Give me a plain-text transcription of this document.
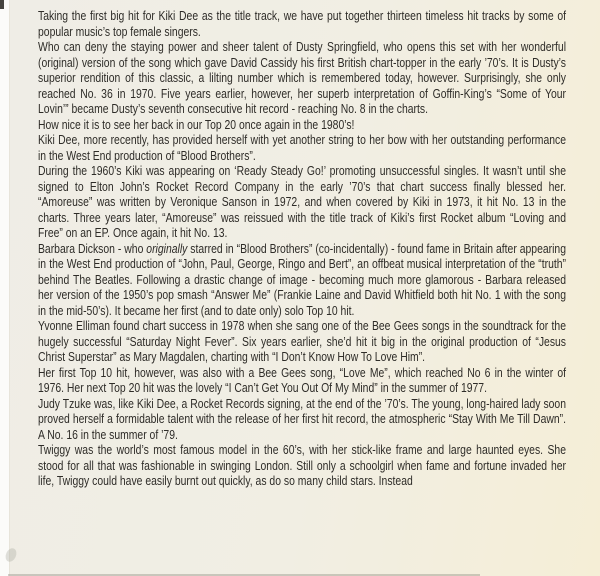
Taking the first big hit for Kiki Dee as the title track, we have put together thirteen timeless hit tracks by some of popular music’s top female singers.

Who can deny the staying power and sheer talent of Dusty Springfield, who opens this set with her wonderful (original) version of the song which gave David Cassidy his first British chart-topper in the early ’70’s. It is Dusty’s superior rendition of this classic, a lilting number which is remembered today, however. Surprisingly, she only reached No. 36 in 1970. Five years earlier, however, her superb interpretation of Goffin-King’s “Some of Your Lovin’” became Dusty’s seventh consecutive hit record - reaching No. 8 in the charts.

How nice it is to see her back in our Top 20 once again in the 1980’s!

Kiki Dee, more recently, has provided herself with yet another string to her bow with her outstanding performance in the West End production of “Blood Brothers”.

During the 1960’s Kiki was appearing on ‘Ready Steady Go!’ promoting unsuccessful singles. It wasn’t until she signed to Elton John’s Rocket Record Company in the early ’70’s that chart success finally blessed her. “Amoreuse” was written by Veronique Sanson in 1972, and when covered by Kiki in 1973, it hit No. 13 in the charts. Three years later, “Amoreuse” was reissued with the title track of Kiki’s first Rocket album “Loving and Free” on an EP. Once again, it hit No. 13.

Barbara Dickson - who originally starred in “Blood Brothers” (co-incidentally) - found fame in Britain after appearing in the West End production of “John, Paul, George, Ringo and Bert”, an offbeat musical interpretation of the “truth” behind The Beatles. Following a drastic change of image - becoming much more glamorous - Barbara released her version of the 1950’s pop smash “Answer Me” (Frankie Laine and David Whitfield both hit No. 1 with the song in the mid-50’s). It became her first (and to date only) solo Top 10 hit.

Yvonne Elliman found chart success in 1978 when she sang one of the Bee Gees songs in the soundtrack for the hugely successful “Saturday Night Fever”. Six years earlier, she’d hit it big in the original production of “Jesus Christ Superstar” as Mary Magdalen, charting with “I Don’t Know How To Love Him”.

Her first Top 10 hit, however, was also with a Bee Gees song, “Love Me”, which reached No 6 in the winter of 1976. Her next Top 20 hit was the lovely “I Can’t Get You Out Of My Mind” in the summer of 1977.

Judy Tzuke was, like Kiki Dee, a Rocket Records signing, at the end of the ’70’s. The young, long-haired lady soon proved herself a formidable talent with the release of her first hit record, the atmospheric “Stay With Me Till Dawn”. A No. 16 in the summer of ’79.

Twiggy was the world’s most famous model in the 60’s, with her stick-like frame and large haunted eyes. She stood for all that was fashionable in swinging London. Still only a schoolgirl when fame and fortune invaded her life, Twiggy could have easily burnt out quickly, as do so many child stars. Instead
